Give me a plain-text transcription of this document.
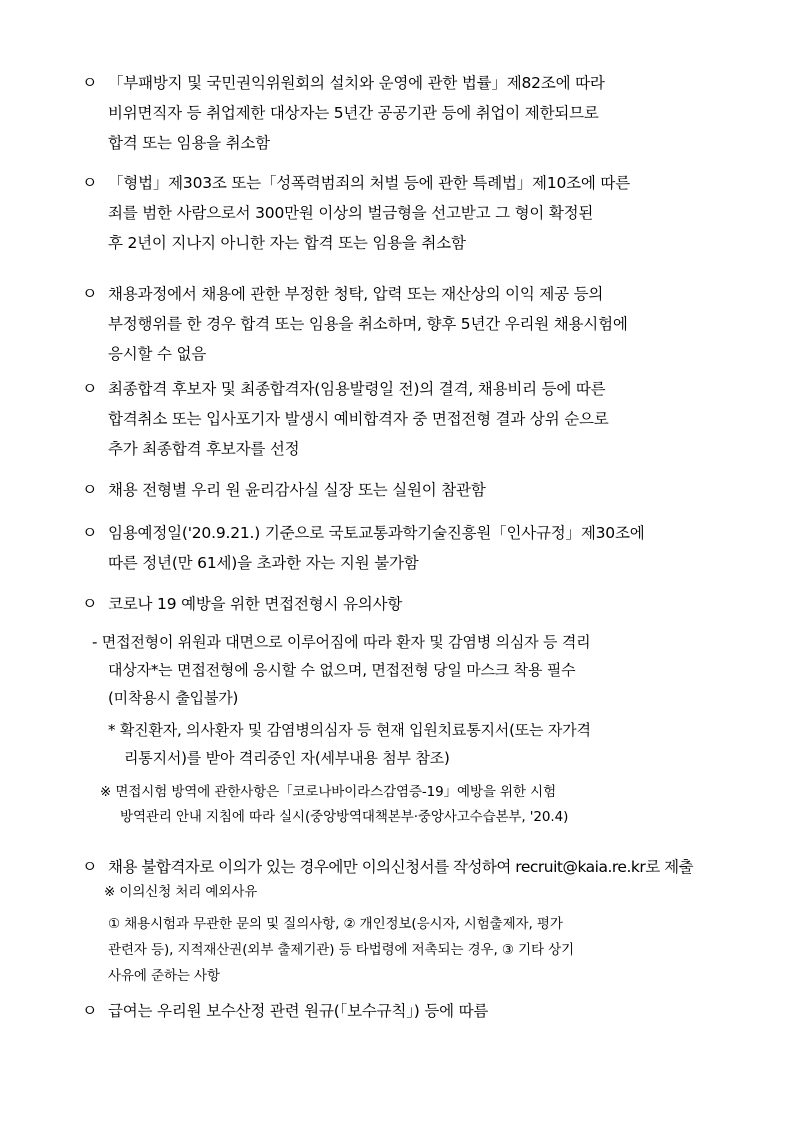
ㅇ 「부패방지 및 국민권익위원회의 설치와 운영에 관한 법률」제82조에 따라
비위면직자 등 취업제한 대상자는 5년간 공공기관 등에 취업이 제한되므로
합격 또는 임용을 취소함
ㅇ 「형법」제303조 또는「성폭력범죄의 처벌 등에 관한 특례법」제10조에 따른
죄를 범한 사람으로서 300만원 이상의 벌금형을 선고받고 그 형이 확정된
후 2년이 지나지 아니한 자는 합격 또는 임용을 취소함
ㅇ 채용과정에서 채용에 관한 부정한 청탁, 압력 또는 재산상의 이익 제공 등의
부정행위를 한 경우 합격 또는 임용을 취소하며, 향후 5년간 우리원 채용시험에
응시할 수 없음
ㅇ 최종합격 후보자 및 최종합격자(임용발령일 전)의 결격, 채용비리 등에 따른
합격취소 또는 입사포기자 발생시 예비합격자 중 면접전형 결과 상위 순으로
추가 최종합격 후보자를 선정
ㅇ 채용 전형별 우리 원 윤리감사실 실장 또는 실원이 참관함
ㅇ 임용예정일('20.9.21.) 기준으로 국토교통과학기술진흥원「인사규정」제30조에
따른 정년(만 61세)을 초과한 자는 지원 불가함
ㅇ 코로나 19 예방을 위한 면접전형시 유의사항
- 면접전형이 위원과 대면으로 이루어짐에 따라 환자 및 감염병 의심자 등 격리
대상자*는 면접전형에 응시할 수 없으며, 면접전형 당일 마스크 착용 필수
(미착용시 출입불가)
* 확진환자, 의사환자 및 감염병의심자 등 현재 입원치료통지서(또는 자가격
리통지서)를 받아 격리중인 자(세부내용 첨부 참조)
※ 면접시험 방역에 관한사항은「코로나바이라스감염증-19」예방을 위한 시험
방역관리 안내 지침에 따라 실시(중앙방역대책본부·중앙사고수습본부, '20.4)
ㅇ 채용 불합격자로 이의가 있는 경우에만 이의신청서를 작성하여 recruit@kaia.re.kr로 제출
※ 이의신청 처리 예외사유
① 채용시험과 무관한 문의 및 질의사항, ② 개인정보(응시자, 시험출제자, 평가
관련자 등), 지적재산권(외부 출제기관) 등 타법령에 저촉되는 경우, ③ 기타 상기
사유에 준하는 사항
ㅇ 급여는 우리원 보수산정 관련 원규(「보수규칙」) 등에 따름
